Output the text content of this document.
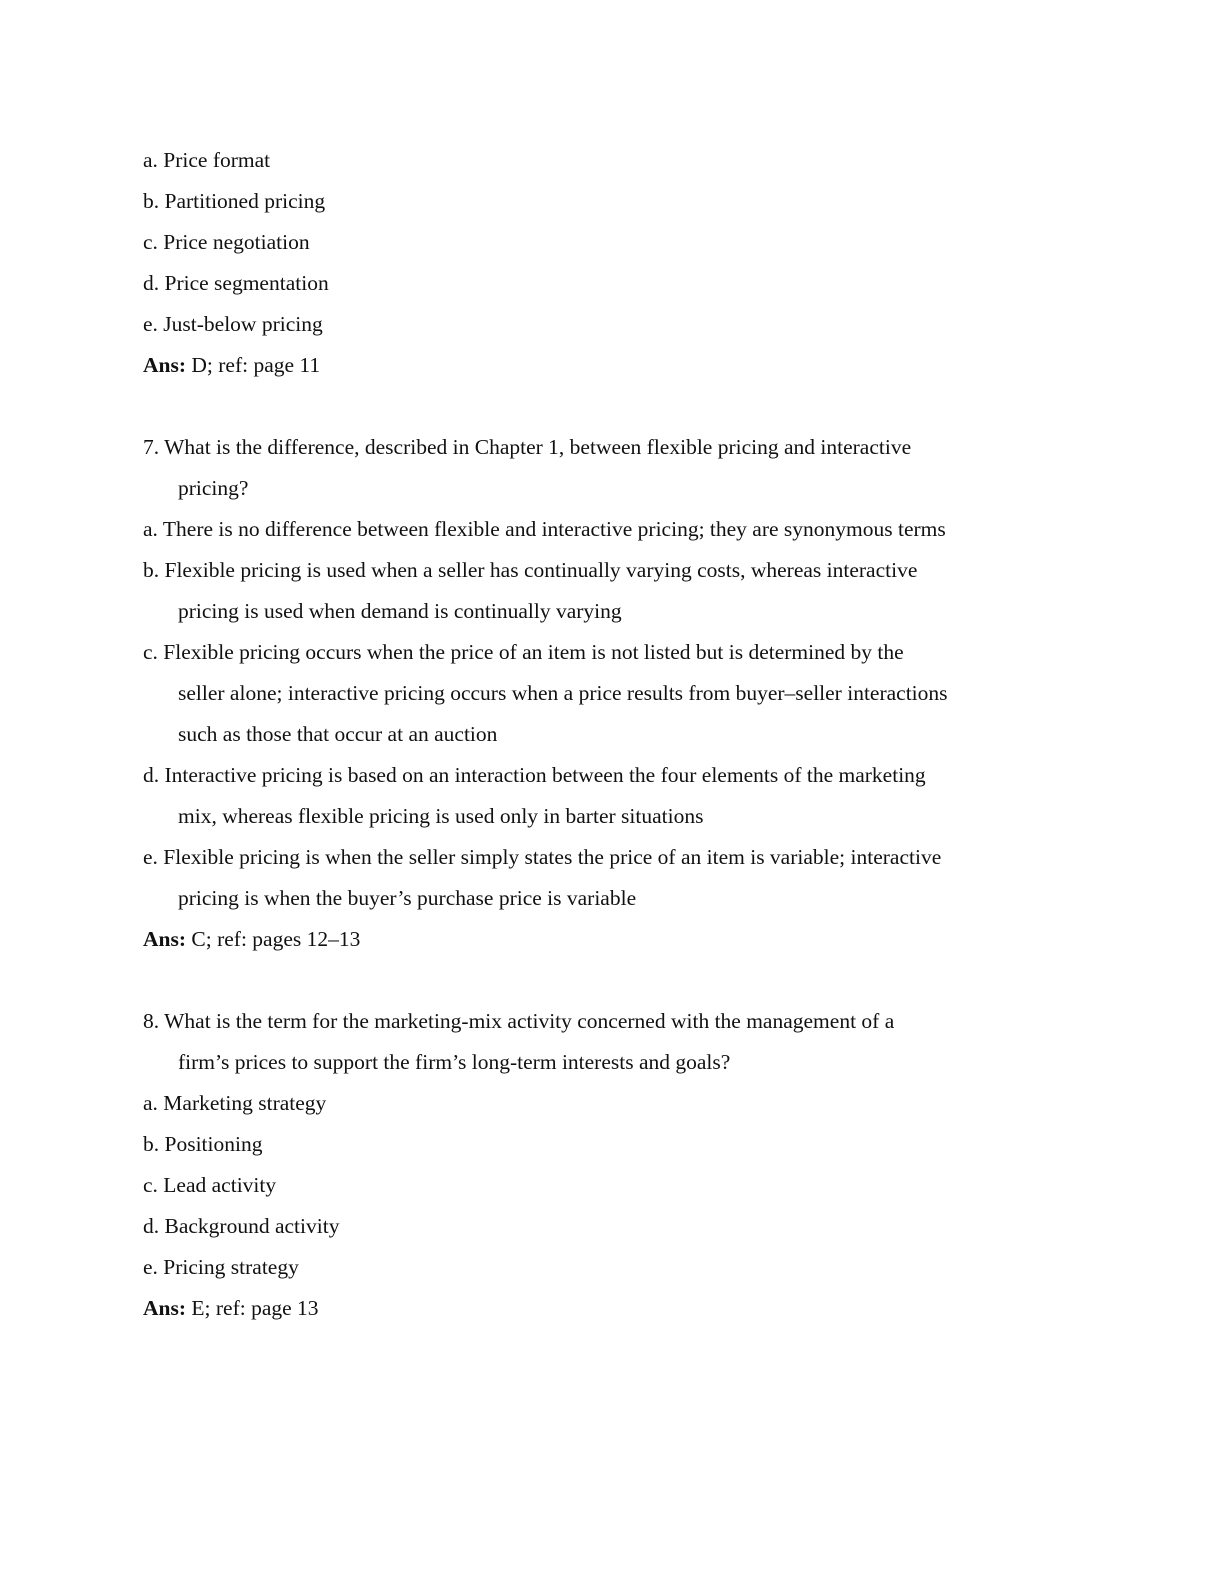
a. Price format
b. Partitioned pricing
c. Price negotiation
d. Price segmentation
e. Just-below pricing
Ans: D; ref: page 11
7. What is the difference, described in Chapter 1, between flexible pricing and interactive
pricing?
a. There is no difference between flexible and interactive pricing; they are synonymous terms
b. Flexible pricing is used when a seller has continually varying costs, whereas interactive
pricing is used when demand is continually varying
c. Flexible pricing occurs when the price of an item is not listed but is determined by the
seller alone; interactive pricing occurs when a price results from buyer–seller interactions
such as those that occur at an auction
d. Interactive pricing is based on an interaction between the four elements of the marketing
mix, whereas flexible pricing is used only in barter situations
e. Flexible pricing is when the seller simply states the price of an item is variable; interactive
pricing is when the buyer’s purchase price is variable
Ans: C; ref: pages 12–13
8. What is the term for the marketing-mix activity concerned with the management of a
firm’s prices to support the firm’s long-term interests and goals?
a. Marketing strategy
b. Positioning
c. Lead activity
d. Background activity
e. Pricing strategy
Ans: E; ref: page 13
